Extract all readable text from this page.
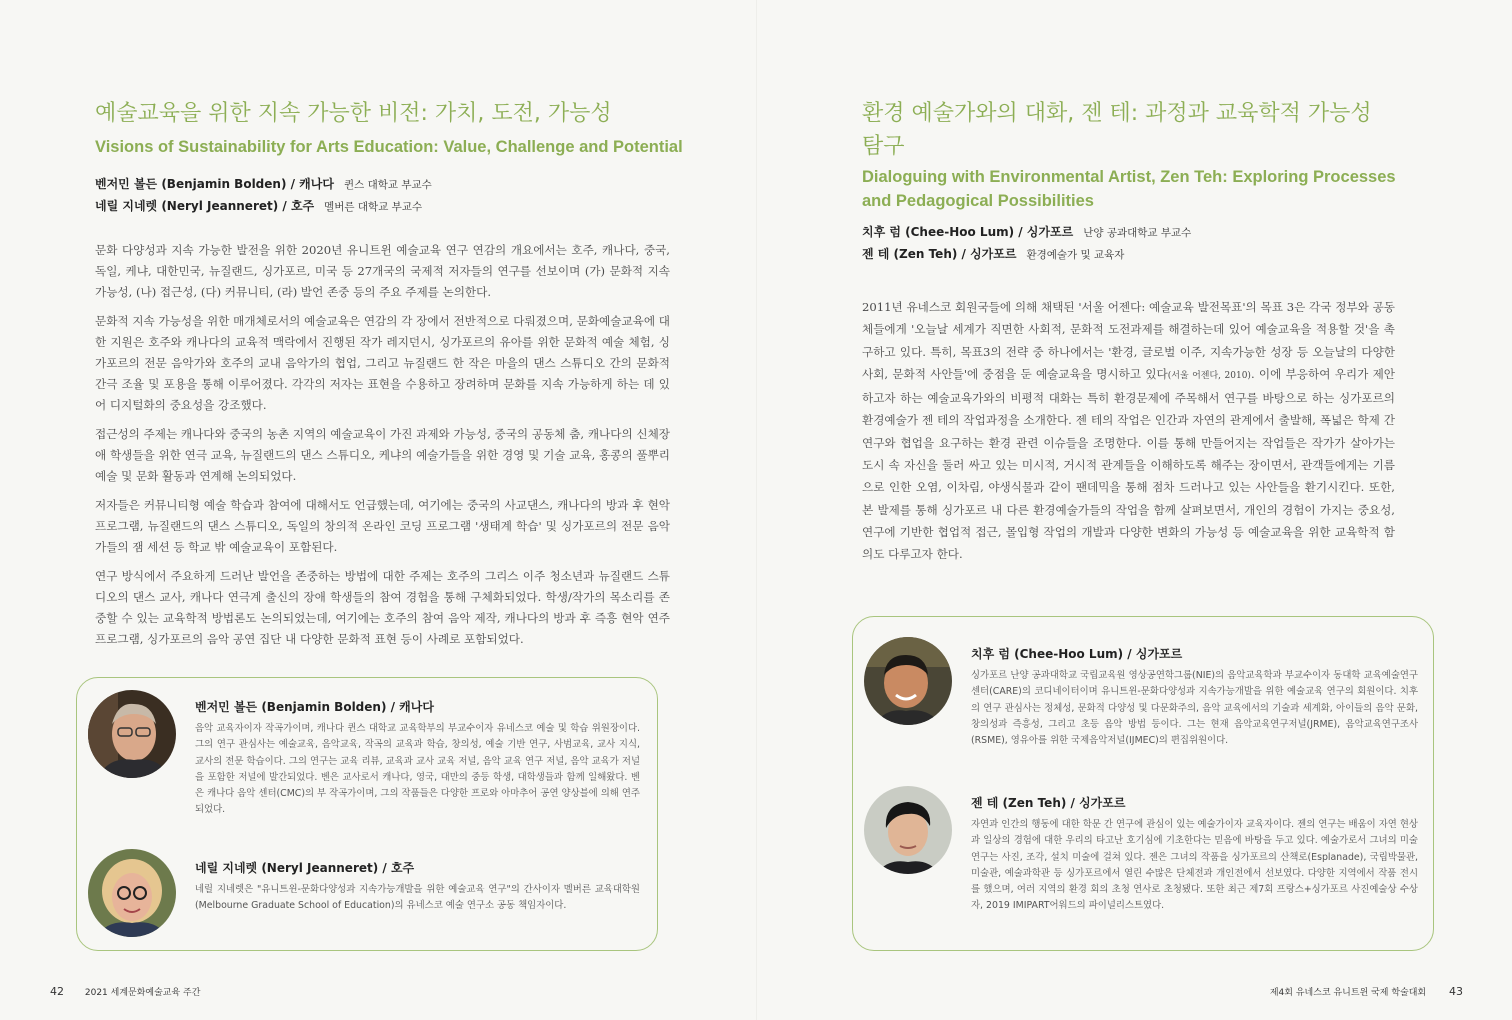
예술교육을 위한 지속 가능한 비전: 가치, 도전, 가능성
Visions of Sustainability for Arts Education: Value, Challenge and Potential
벤저민 볼든 (Benjamin Bolden) / 캐나다 퀸스 대학교 부교수
네릴 지네렛 (Neryl Jeanneret) / 호주 멜버른 대학교 부교수

문화 다양성과 지속 가능한 발전을 위한 2020년 유니트윈 예술교육 연구 연감의 개요에서는 호주, 캐나다, 중국, 독일, 케냐, 대한민국, 뉴질랜드, 싱가포르, 미국 등 27개국의 국제적 저자들의 연구를 선보이며 (가) 문화적 지속 가능성, (나) 접근성, (다) 커뮤니티, (라) 발언 존중 등의 주요 주제를 논의한다.

문화적 지속 가능성을 위한 매개체로서의 예술교육은 연감의 각 장에서 전반적으로 다뤄졌으며, 문화예술교육에 대한 지원은 호주와 캐나다의 교육적 맥락에서 진행된 작가 레지던시, 싱가포르의 유아를 위한 문화적 예술 체험, 싱가포르의 전문 음악가와 호주의 교내 음악가의 협업, 그리고 뉴질랜드 한 작은 마을의 댄스 스튜디오 간의 문화적 간극 조율 및 포용을 통해 이루어졌다. 각각의 저자는 표현을 수용하고 장려하며 문화를 지속 가능하게 하는 데 있어 디지털화의 중요성을 강조했다.

접근성의 주제는 캐나다와 중국의 농촌 지역의 예술교육이 가진 과제와 가능성, 중국의 공동체 춤, 캐나다의 신체장애 학생들을 위한 연극 교육, 뉴질랜드의 댄스 스튜디오, 케냐의 예술가들을 위한 경영 및 기술 교육, 홍콩의 풀뿌리 예술 및 문화 활동과 연계해 논의되었다.

저자들은 커뮤니티형 예술 학습과 참여에 대해서도 언급했는데, 여기에는 중국의 사교댄스, 캐나다의 방과 후 현악 프로그램, 뉴질랜드의 댄스 스튜디오, 독일의 창의적 온라인 코딩 프로그램 '생태계 학습' 및 싱가포르의 전문 음악가들의 잼 세션 등 학교 밖 예술교육이 포함된다.

연구 방식에서 주요하게 드러난 발언을 존중하는 방법에 대한 주제는 호주의 그리스 이주 청소년과 뉴질랜드 스튜디오의 댄스 교사, 캐나다 연극계 출신의 장애 학생들의 참여 경험을 통해 구체화되었다. 학생/작가의 목소리를 존중할 수 있는 교육학적 방법론도 논의되었는데, 여기에는 호주의 참여 음악 제작, 캐나다의 방과 후 즉흥 현악 연주 프로그램, 싱가포르의 음악 공연 집단 내 다양한 문화적 표현 등이 사례로 포함되었다.

벤저민 볼든 (Benjamin Bolden) / 캐나다
음악 교육자이자 작곡가이며, 캐나다 퀸스 대학교 교육학부의 부교수이자 유네스코 예술 및 학습 위원장이다. 그의 연구 관심사는 예술교육, 음악교육, 작곡의 교육과 학습, 창의성, 예술 기반 연구, 사범교육, 교사 지식, 교사의 전문 학습이다. 그의 연구는 교육 리뷰, 교육과 교사 교육 저널, 음악 교육 연구 저널, 음악 교육가 저널을 포함한 저널에 발간되었다. 벤은 교사로서 캐나다, 영국, 대만의 중등 학생, 대학생들과 함께 일해왔다. 벤은 캐나다 음악 센터(CMC)의 부 작곡가이며, 그의 작품들은 다양한 프로와 아마추어 공연 양상블에 의해 연주되었다.
네릴 지네렛 (Neryl Jeanneret) / 호주
네릴 지네렛은 "유니트윈-문화다양성과 지속가능개발을 위한 예술교육 연구"의 간사이자 멜버른 교육대학원(Melbourne Graduate School of Education)의 유네스코 예술 연구소 공동 책임자이다.
42 2021 세계문화예술교육 주간
환경 예술가와의 대화, 젠 테: 과정과 교육학적 가능성
탐구
Dialoguing with Environmental Artist, Zen Teh: Exploring Processes
and Pedagogical Possibilities
치후 럼 (Chee-Hoo Lum) / 싱가포르 난양 공과대학교 부교수
젠 테 (Zen Teh) / 싱가포르 환경예술가 및 교육자

2011년 유네스코 회원국들에 의해 채택된 '서울 어젠다: 예술교육 발전목표'의 목표 3은 각국 정부와 공동체들에게 '오늘날 세계가 직면한 사회적, 문화적 도전과제를 해결하는데 있어 예술교육을 적용할 것'을 촉구하고 있다. 특히, 목표3의 전략 중 하나에서는 '환경, 글로벌 이주, 지속가능한 성장 등 오늘날의 다양한 사회, 문화적 사안들'에 중점을 둔 예술교육을 명시하고 있다(서울 어젠다, 2010). 이에 부응하여 우리가 제안하고자 하는 예술교육가와의 비평적 대화는 특히 환경문제에 주목해서 연구를 바탕으로 하는 싱가포르의 환경예술가 젠 테의 작업과정을 소개한다. 젠 테의 작업은 인간과 자연의 관계에서 출발해, 폭넓은 학제 간 연구와 협업을 요구하는 환경 관련 이슈들을 조명한다. 이를 통해 만들어지는 작업들은 작가가 살아가는 도시 속 자신을 둘러 싸고 있는 미시적, 거시적 관계들을 이해하도록 해주는 장이면서, 관객들에게는 기름으로 인한 오염, 이차림, 야생식물과 같이 팬데믹을 통해 점차 드러나고 있는 사안들을 환기시킨다. 또한, 본 발제를 통해 싱가포르 내 다른 환경예술가들의 작업을 함께 살펴보면서, 개인의 경험이 가지는 중요성, 연구에 기반한 협업적 접근, 몰입형 작업의 개발과 다양한 변화의 가능성 등 예술교육을 위한 교육학적 함의도 다루고자 한다.

치후 럼 (Chee-Hoo Lum) / 싱가포르
싱가포르 난양 공과대학교 국립교육원 영상공연학그룹(NIE)의 음악교육학과 부교수이자 동대학 교육예술연구센터(CARE)의 코디네이터이며 유니트윈-문화다양성과 지속가능개발을 위한 예술교육 연구의 회원이다. 치후의 연구 관심사는 정체성, 문화적 다양성 및 다문화주의, 음악 교육에서의 기술과 세계화, 아이들의 음악 문화, 창의성과 즉흥성, 그리고 초등 음악 방법 등이다. 그는 현재 음악교육연구저널(JRME), 음악교육연구조사(RSME), 영유아를 위한 국제음악저널(IJMEC)의 편집위원이다.
젠 테 (Zen Teh) / 싱가포르
자연과 인간의 행동에 대한 학문 간 연구에 관심이 있는 예술가이자 교육자이다. 젠의 연구는 배움이 자연 현상과 일상의 경험에 대한 우리의 타고난 호기심에 기초한다는 믿음에 바탕을 두고 있다. 예술가로서 그녀의 미술 연구는 사진, 조각, 설치 미술에 걸쳐 있다. 젠은 그녀의 작품을 싱가포르의 산책로(Esplanade), 국립박물관, 미술관, 예술과학관 등 싱가포르에서 열린 수많은 단체전과 개인전에서 선보였다. 다양한 지역에서 작품 전시를 했으며, 여러 지역의 환경 회의 초청 연사로 초청됐다. 또한 최근 제7회 프랑스+싱가포르 사진예술상 수상자, 2019 IMIPART어워드의 파이널리스트였다.
제4회 유네스코 유니트윈 국제 학술대회 43
